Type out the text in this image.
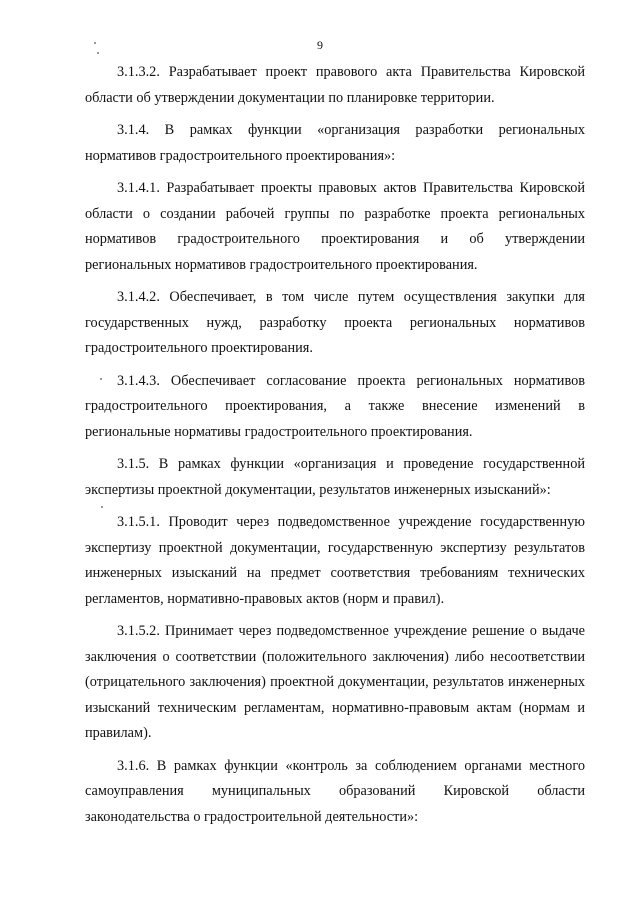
9

3.1.3.2. Разрабатывает проект правового акта Правительства Кировской области об утверждении документации по планировке территории.

3.1.4. В рамках функции «организация разработки региональных нормативов градостроительного проектирования»:

3.1.4.1. Разрабатывает проекты правовых актов Правительства Кировской области о создании рабочей группы по разработке проекта региональных нормативов градостроительного проектирования и об утверждении региональных нормативов градостроительного проектирования.

3.1.4.2. Обеспечивает, в том числе путем осуществления закупки для государственных нужд, разработку проекта региональных нормативов градостроительного проектирования.

3.1.4.3. Обеспечивает согласование проекта региональных нормативов градостроительного проектирования, а также внесение изменений в региональные нормативы градостроительного проектирования.

3.1.5. В рамках функции «организация и проведение государственной экспертизы проектной документации, результатов инженерных изысканий»:

3.1.5.1. Проводит через подведомственное учреждение государственную экспертизу проектной документации, государственную экспертизу результатов инженерных изысканий на предмет соответствия требованиям технических регламентов, нормативно-правовых актов (норм и правил).

3.1.5.2. Принимает через подведомственное учреждение решение о выдаче заключения о соответствии (положительного заключения) либо несоответствии (отрицательного заключения) проектной документации, результатов инженерных изысканий техническим регламентам, нормативно-правовым актам (нормам и правилам).

3.1.6. В рамках функции «контроль за соблюдением органами местного самоуправления муниципальных образований Кировской области законодательства о градостроительной деятельности»:
